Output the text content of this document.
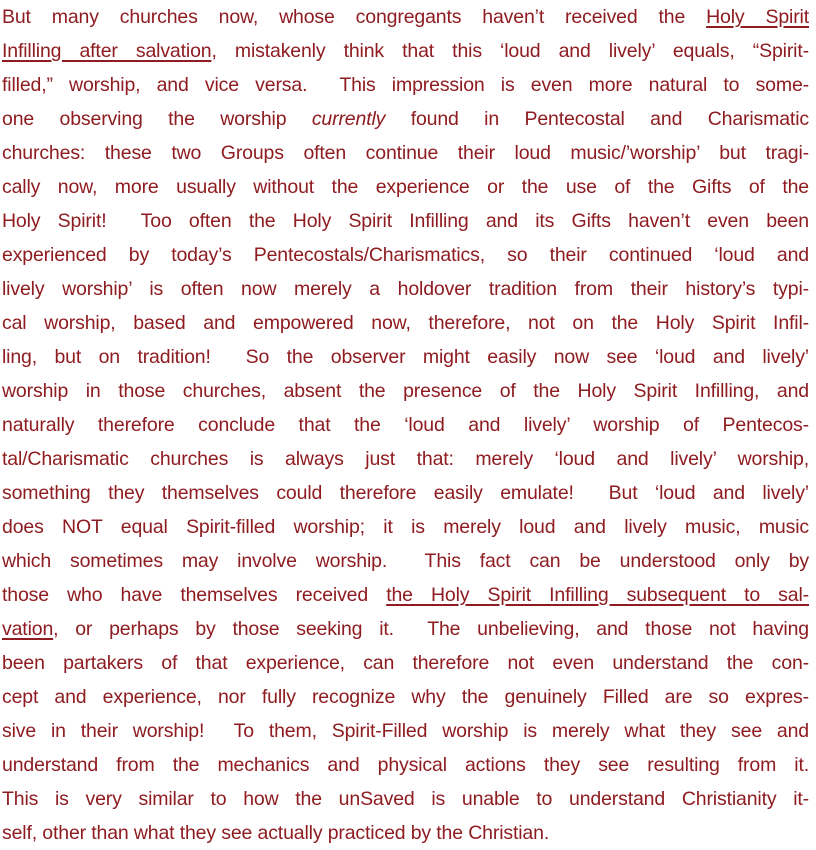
But many churches now, whose congregants haven’t received the Holy Spirit
Infilling after salvation, mistakenly think that this ‘loud and lively’ equals, “Spirit-
filled,” worship, and vice versa.  This impression is even more natural to some-
one observing the worship currently found in Pentecostal and Charismatic
churches: these two Groups often continue their loud music/’worship’ but tragi-
cally now, more usually without the experience or the use of the Gifts of the
Holy Spirit!  Too often the Holy Spirit Infilling and its Gifts haven’t even been
experienced by today’s Pentecostals/Charismatics, so their continued ‘loud and
lively worship’ is often now merely a holdover tradition from their history’s typi-
cal worship, based and empowered now, therefore, not on the Holy Spirit Infil-
ling, but on tradition!  So the observer might easily now see ‘loud and lively’
worship in those churches, absent the presence of the Holy Spirit Infilling, and
naturally therefore conclude that the ‘loud and lively’ worship of Pentecos-
tal/Charismatic churches is always just that: merely ‘loud and lively’ worship,
something they themselves could therefore easily emulate!  But ‘loud and lively’
does NOT equal Spirit-filled worship; it is merely loud and lively music, music
which sometimes may involve worship.  This fact can be understood only by
those who have themselves received the Holy Spirit Infilling subsequent to sal-
vation, or perhaps by those seeking it.  The unbelieving, and those not having
been partakers of that experience, can therefore not even understand the con-
cept and experience, nor fully recognize why the genuinely Filled are so expres-
sive in their worship!  To them, Spirit-Filled worship is merely what they see and
understand from the mechanics and physical actions they see resulting from it.
This is very similar to how the unSaved is unable to understand Christianity it-
self, other than what they see actually practiced by the Christian.
